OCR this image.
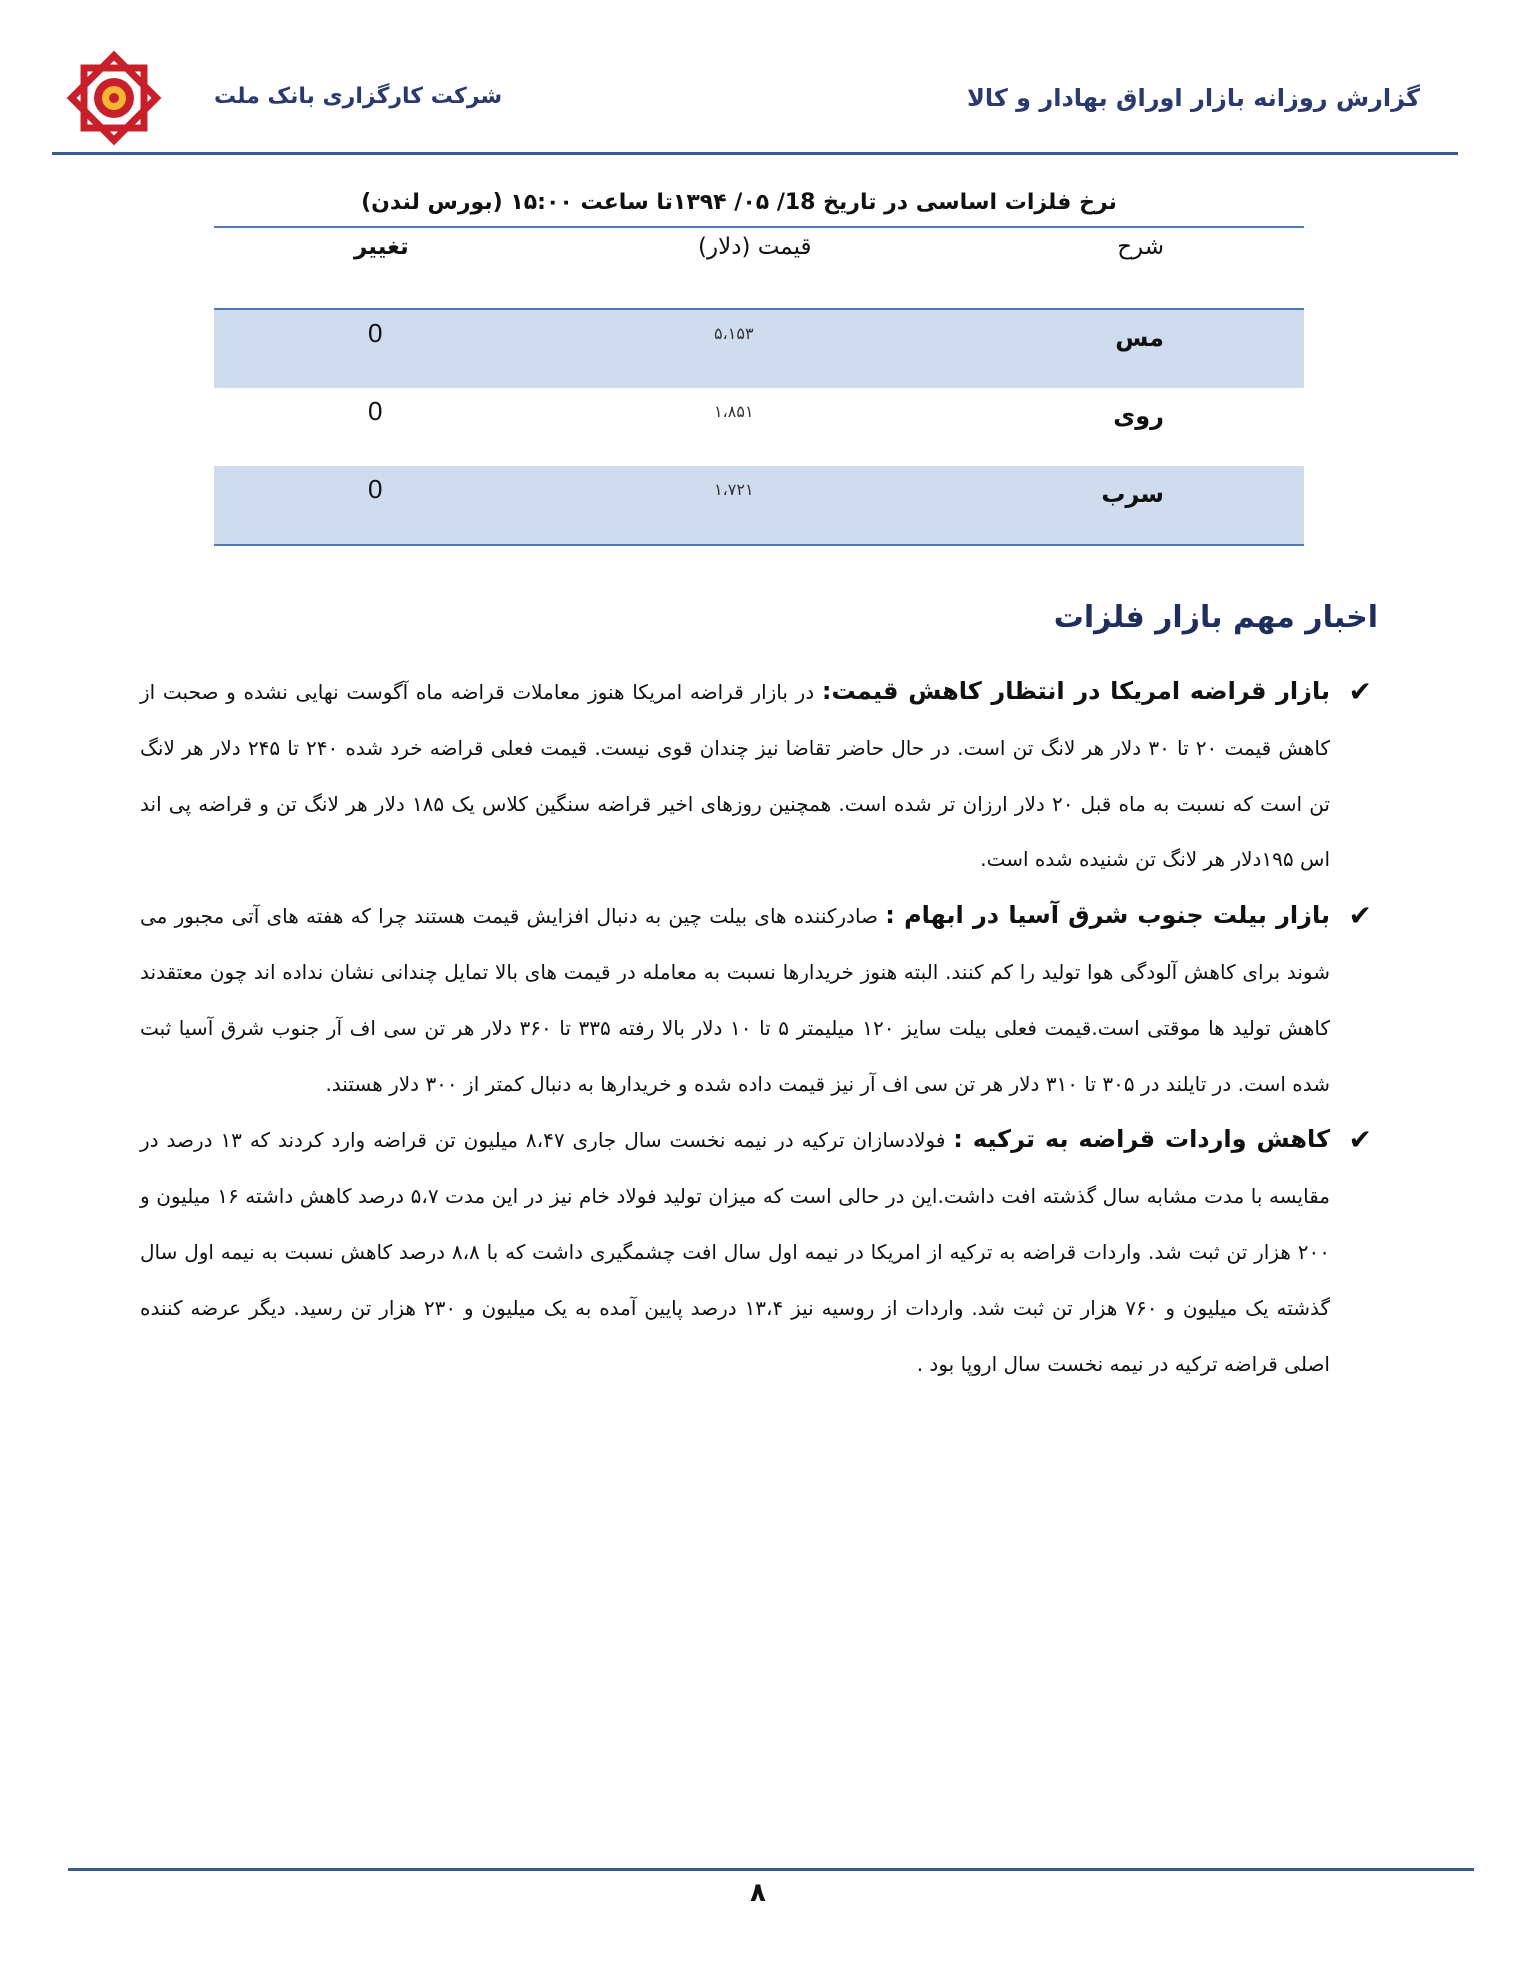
شرکت کارگزاری بانک ملت	گزارش روزانه بازار اوراق بهادار و کالا
نرخ فلزات اساسی در تاریخ 18/ ۰۵/ ۱۳۹۴تا ساعت ۱۵:۰۰ (بورس لندن)
شرح
قیمت (دلار)
تغییر
مس
۵،۱۵۳
0
روی
۱،۸۵۱
0
سرب
۱،۷۲۱
0
اخبار مهم بازار فلزات

✔
بازار قراضه امریکا در انتظار کاهش قیمت: در بازار قراضه امریکا هنوز معاملات قراضه ماه آگوست نهایی نشده و صحبت از کاهش قیمت ۲۰ تا ۳۰ دلار هر لانگ تن است. در حال حاضر تقاضا نیز چندان قوی نیست. قیمت فعلی قراضه خرد شده ۲۴۰ تا ۲۴۵ دلار هر لانگ تن است که نسبت به ماه قبل ۲۰ دلار ارزان تر شده است. همچنین روزهای اخیر قراضه سنگین کلاس یک ۱۸۵ دلار هر لانگ تن و قراضه پی اند اس ۱۹۵دلار هر لانگ تن شنیده شده است.

✔
بازار بیلت جنوب شرق آسیا در ابهام : صادرکننده های بیلت چین به دنبال افزایش قیمت هستند چرا که هفته های آتی مجبور می شوند برای کاهش آلودگی هوا تولید را کم کنند. البته هنوز خریدارها نسبت به معامله در قیمت های بالا تمایل چندانی نشان نداده اند چون معتقدند کاهش تولید ها موقتی است.قیمت فعلی بیلت سایز ۱۲۰ میلیمتر ۵ تا ۱۰ دلار بالا رفته ۳۳۵ تا ۳۶۰ دلار هر تن سی اف آر جنوب شرق آسیا ثبت شده است. در تایلند در ۳۰۵ تا ۳۱۰ دلار هر تن سی اف آر نیز قیمت داده شده و خریدارها به دنبال کمتر از ۳۰۰ دلار هستند.

✔
کاهش واردات قراضه به ترکیه : فولادسازان ترکیه در نیمه نخست سال جاری ۸،۴۷ میلیون تن قراضه وارد کردند که ۱۳ درصد در مقایسه با مدت مشابه سال گذشته افت داشت.این در حالی است که میزان تولید فولاد خام نیز در این مدت ۵،۷ درصد کاهش داشته ۱۶ میلیون و ۲۰۰ هزار تن ثبت شد. واردات قراضه به ترکیه از امریکا در نیمه اول سال افت چشمگیری داشت که با ۸،۸ درصد کاهش نسبت به نیمه اول سال گذشته یک میلیون و ۷۶۰ هزار تن ثبت شد. واردات از روسیه نیز ۱۳،۴ درصد پایین آمده به یک میلیون و ۲۳۰ هزار تن رسید. دیگر عرضه کننده اصلی قراضه ترکیه در نیمه نخست سال اروپا بود .

۸
